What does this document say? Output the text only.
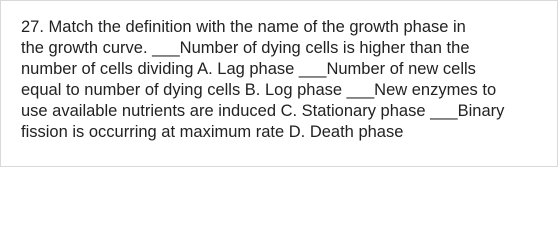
27. Match the definition with the name of the growth phase in
the growth curve. ___Number of dying cells is higher than the
number of cells dividing A. Lag phase ___Number of new cells
equal to number of dying cells B. Log phase ___New enzymes to
use available nutrients are induced C. Stationary phase ___Binary
fission is occurring at maximum rate D. Death phase
